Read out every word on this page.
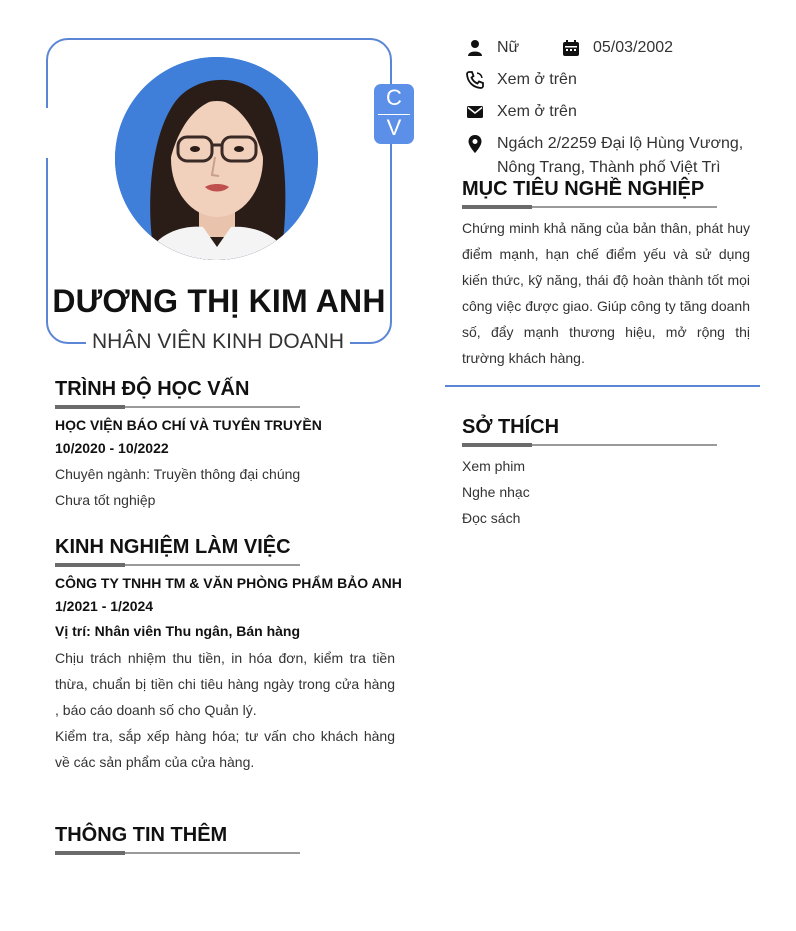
DƯƠNG THỊ KIM ANH
NHÂN VIÊN KINH DOANH
C
V
Nữ	05/03/2002
Xem ở trên
Xem ở trên
Ngách 2/2259 Đại lộ Hùng Vương,
Nông Trang, Thành phố Việt Trì
MỤC TIÊU NGHỀ NGHIỆP
Chứng minh khả năng của bản thân, phát huy điểm mạnh, hạn chế điểm yếu và sử dụng kiến thức, kỹ năng, thái độ hoàn thành tốt mọi công việc được giao. Giúp công ty tăng doanh số, đẩy mạnh thương hiệu, mở rộng thị trường khách hàng.
SỞ THÍCH
Xem phim
Nghe nhạc
Đọc sách
TRÌNH ĐỘ HỌC VẤN
HỌC VIỆN BÁO CHÍ VÀ TUYÊN TRUYỀN
10/2020 - 10/2022
Chuyên ngành: Truyền thông đại chúng
Chưa tốt nghiệp
KINH NGHIỆM LÀM VIỆC
CÔNG TY TNHH TM & VĂN PHÒNG PHẨM BẢO ANH
1/2021 - 1/2024
Vị trí: Nhân viên Thu ngân, Bán hàng
Chịu trách nhiệm thu tiền, in hóa đơn, kiểm tra tiền thừa, chuẩn bị tiền chi tiêu hàng ngày trong cửa hàng , báo cáo doanh số cho Quản lý.
Kiểm tra, sắp xếp hàng hóa; tư vấn cho khách hàng về các sản phẩm của cửa hàng.
THÔNG TIN THÊM
